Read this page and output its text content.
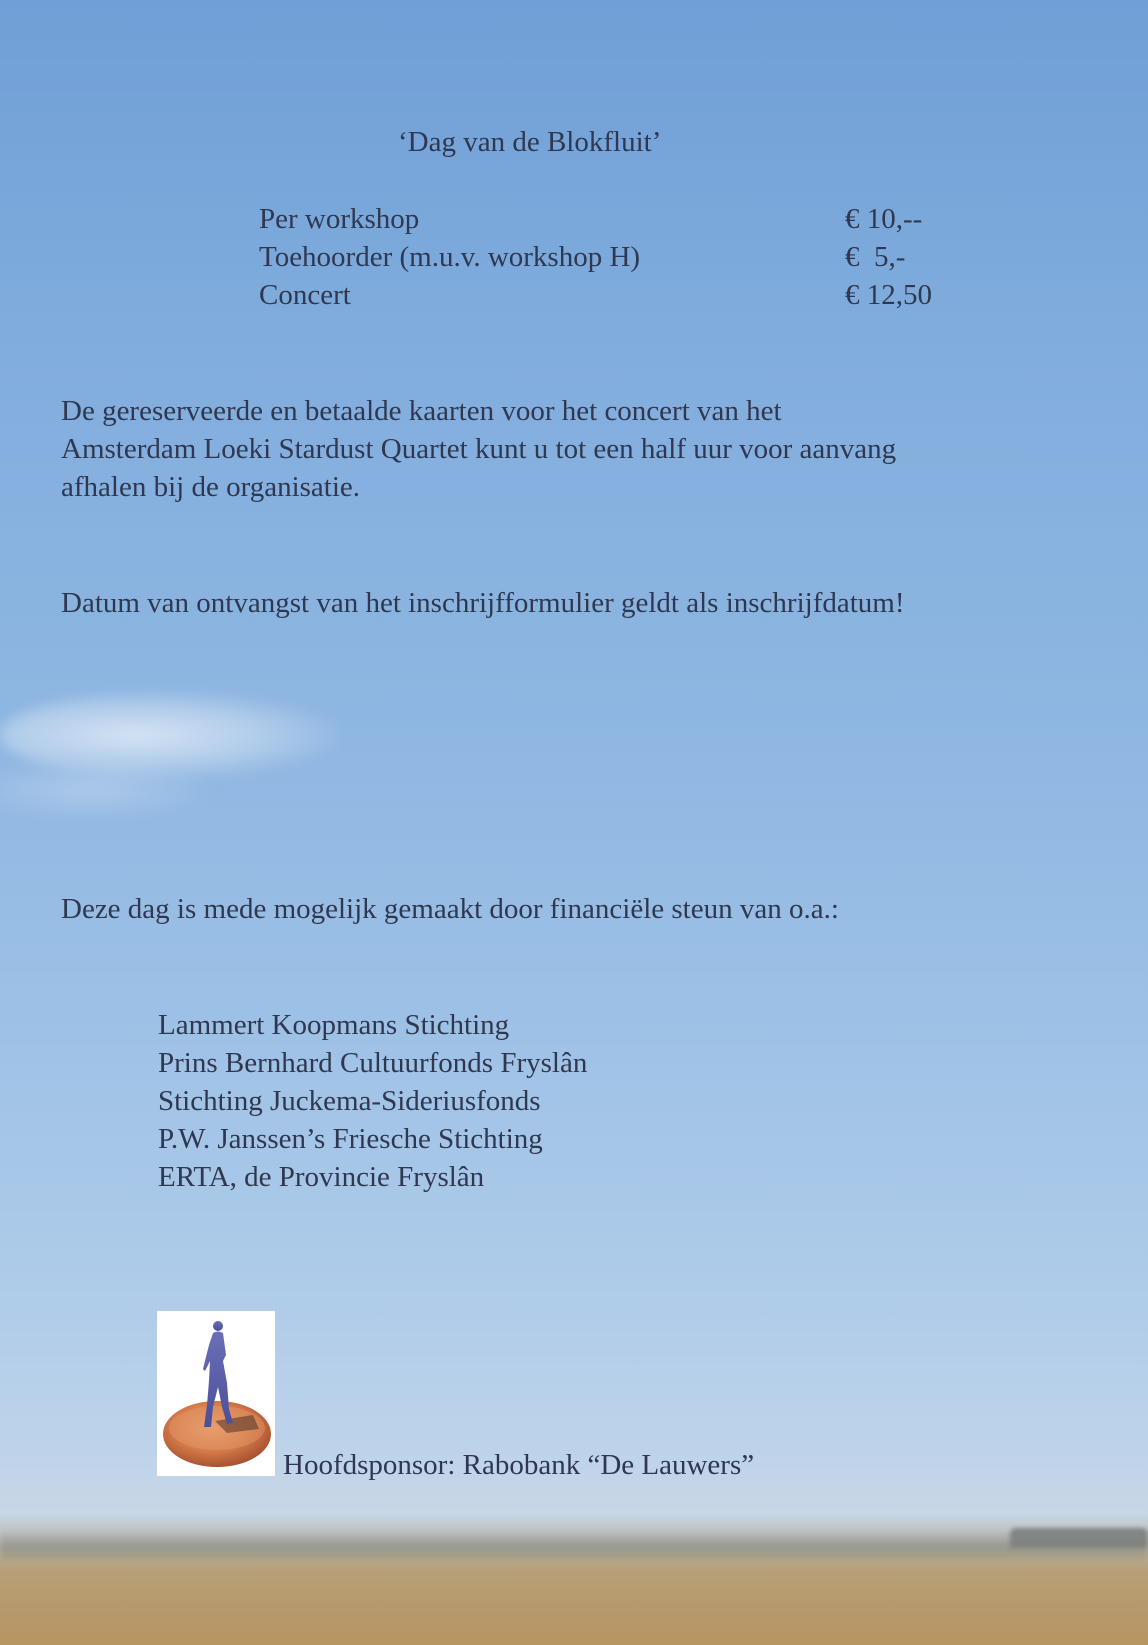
‘Dag van de Blokfluit’
Per workshop	€ 10,--
Toehoorder (m.u.v. workshop H)	€  5,-
Concert	€ 12,50
De gereserveerde en betaalde kaarten voor het concert van het
Amsterdam Loeki Stardust Quartet kunt u tot een half uur voor aanvang
afhalen bij de organisatie.
Datum van ontvangst van het inschrijfformulier geldt als inschrijfdatum!
Deze dag is mede mogelijk gemaakt door financiële steun van o.a.:
Lammert Koopmans Stichting
Prins Bernhard Cultuurfonds Fryslân
Stichting Juckema-Sideriusfonds
P.W. Janssen’s Friesche Stichting
ERTA, de Provincie Fryslân
Hoofdsponsor: Rabobank “De Lauwers”
